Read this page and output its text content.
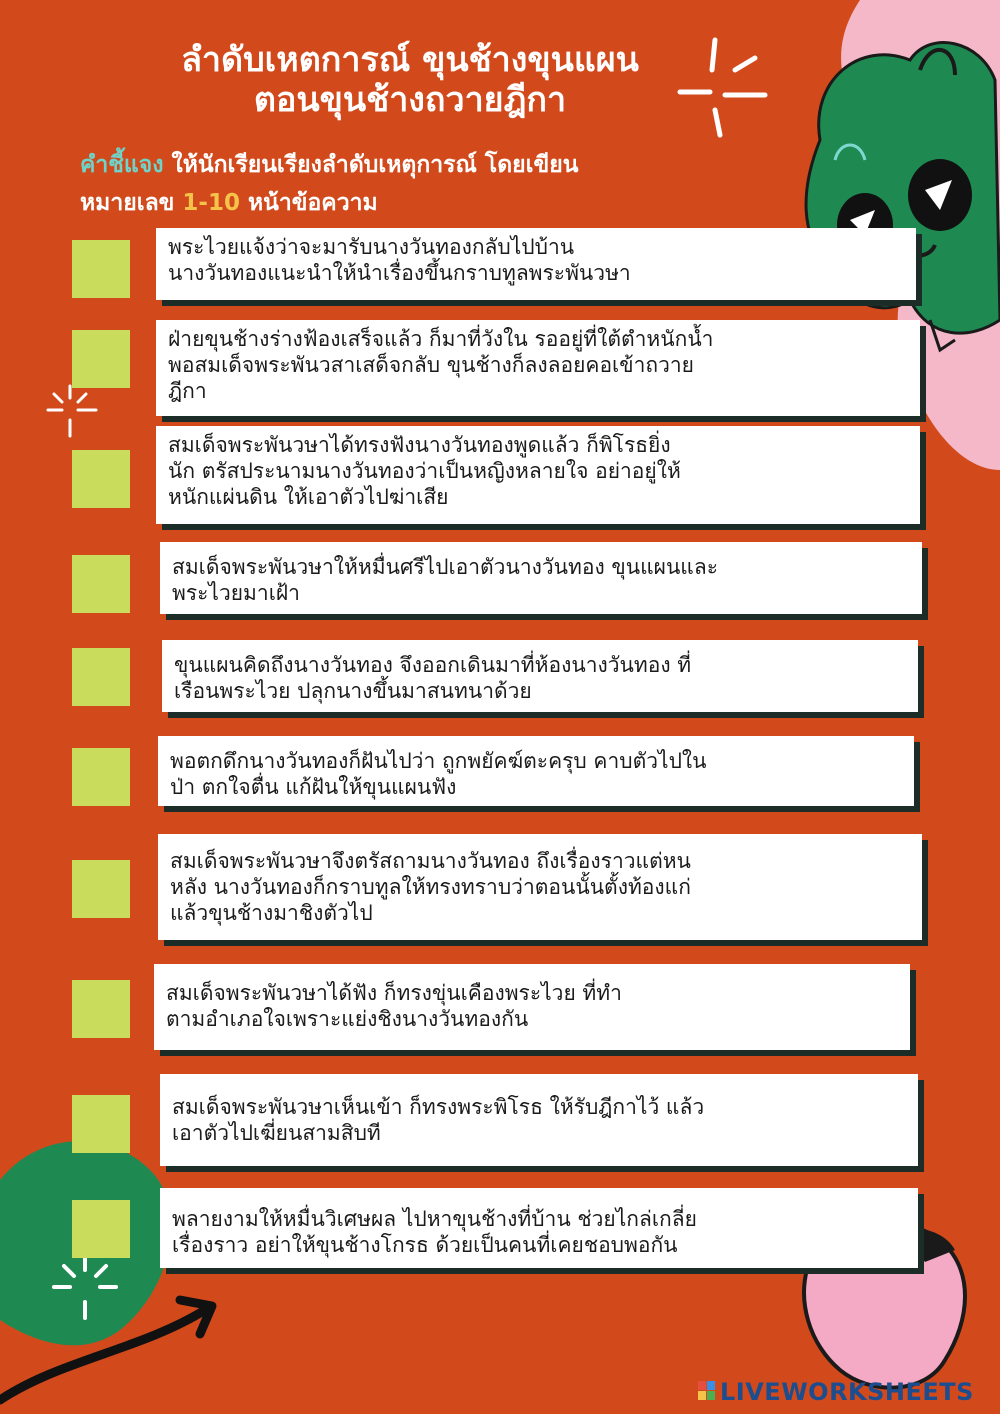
ลำดับเหตการณ์ ขุนช้างขุนแผน
ตอนขุนช้างถวายฎีกา
คำชี้แจง ให้นักเรียนเรียงลำดับเหตุการณ์ โดยเขียน
หมายเลข 1-10 หน้าข้อความ
พระไวยแจ้งว่าจะมารับนางวันทองกลับไปบ้าน
นางวันทองแนะนำให้นำเรื่องขึ้นกราบทูลพระพันวษา
ฝ่ายขุนช้างร่างฟ้องเสร็จแล้ว ก็มาที่วังใน รออยู่ที่ใต้ตำหนักน้ำ
พอสมเด็จพระพันวสาเสด็จกลับ ขุนช้างก็ลงลอยคอเข้าถวาย
ฎีกา
สมเด็จพระพันวษาได้ทรงฟังนางวันทองพูดแล้ว ก็พิโรธยิ่ง
นัก ตรัสประนามนางวันทองว่าเป็นหญิงหลายใจ อย่าอยู่ให้
หนักแผ่นดิน ให้เอาตัวไปฆ่าเสีย
สมเด็จพระพันวษาให้หมื่นศรีไปเอาตัวนางวันทอง ขุนแผนและ
พระไวยมาเฝ้า
ขุนแผนคิดถึงนางวันทอง จึงออกเดินมาที่ห้องนางวันทอง ที่
เรือนพระไวย ปลุกนางขึ้นมาสนทนาด้วย
พอตกดึกนางวันทองก็ฝันไปว่า ถูกพยัคฆ์ตะครุบ คาบตัวไปใน
ป่า ตกใจตื่น แก้ฝันให้ขุนแผนฟัง
สมเด็จพระพันวษาจึงตรัสถามนางวันทอง ถึงเรื่องราวแต่หน
หลัง นางวันทองก็กราบทูลให้ทรงทราบว่าตอนนั้นตั้งท้องแก่
แล้วขุนช้างมาชิงตัวไป
สมเด็จพระพันวษาได้ฟัง ก็ทรงขุ่นเคืองพระไวย ที่ทำ
ตามอำเภอใจเพราะแย่งชิงนางวันทองกัน
สมเด็จพระพันวษาเห็นเข้า ก็ทรงพระพิโรธ ให้รับฎีกาไว้ แล้ว
เอาตัวไปเฆี่ยนสามสิบที
พลายงามให้หมื่นวิเศษผล ไปหาขุนช้างที่บ้าน ช่วยไกล่เกลี่ย
เรื่องราว อย่าให้ขุนช้างโกรธ ด้วยเป็นคนที่เคยชอบพอกัน
LIVEWORKSHEETS
